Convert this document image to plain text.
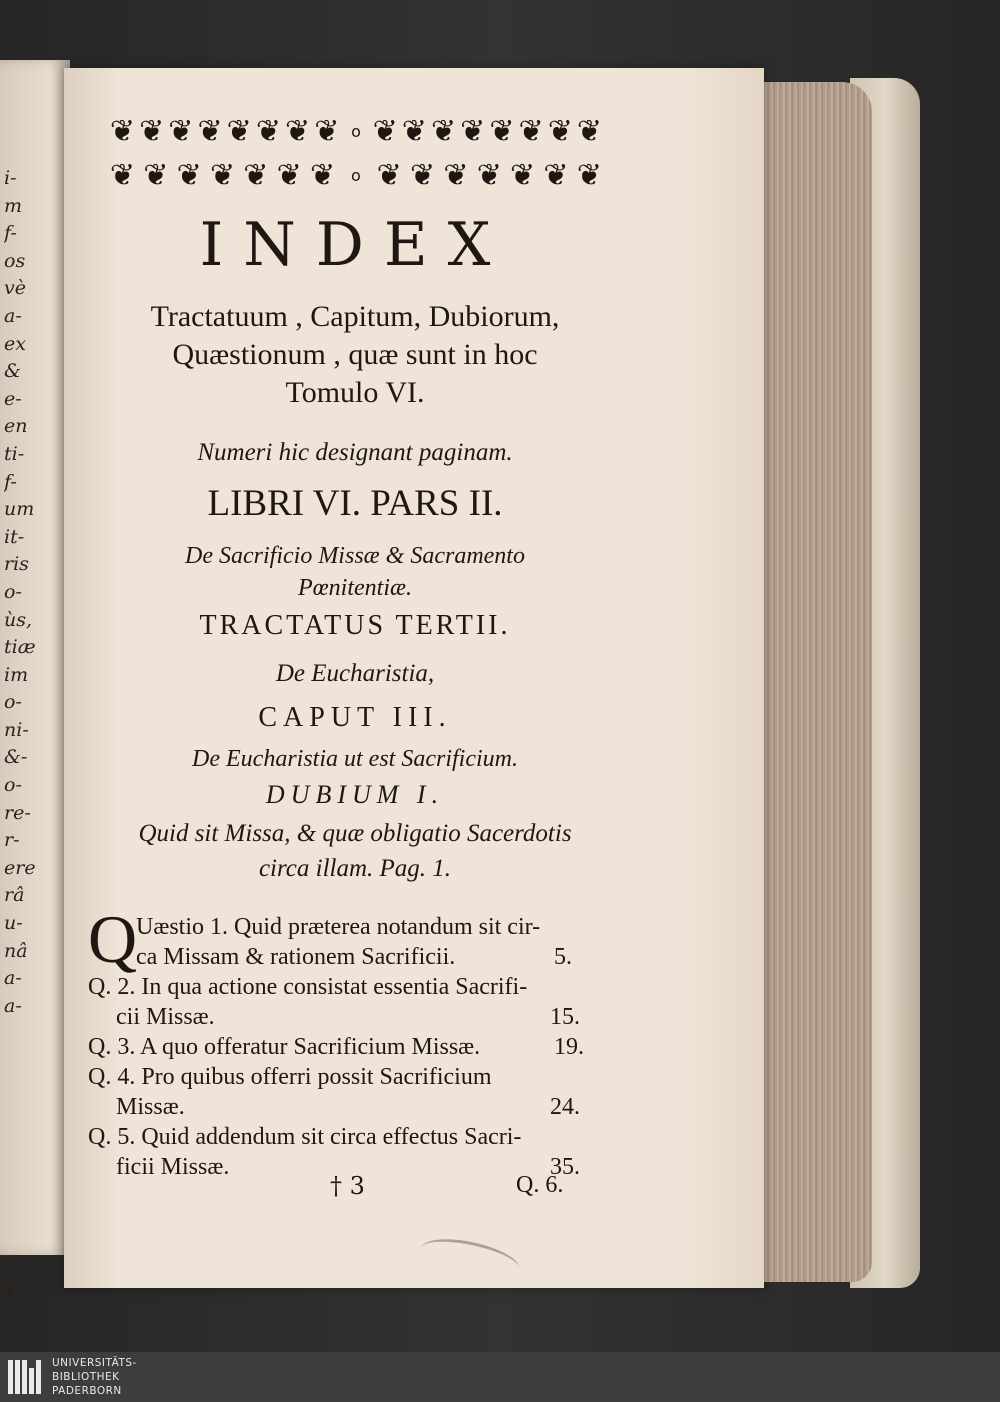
i-
m
f-
os
vè
a-
ex
&
e-
en
ti-
f-
um
it-
ris
o-
ùs,
tiæ
im
o-
ni-
&-
o-
re-
r-
ere
râ
u-
nâ
a-
a-
n.
X
❦ ❦ ❦ ❦ ❦ ❦ ❦ ❦ o ❦ ❦ ❦ ❦ ❦ ❦ ❦ ❦
❦ ❦ ❦ ❦ ❦ ❦ ❦ o ❦ ❦ ❦ ❦ ❦ ❦ ❦
INDEX
Tractatuum , Capitum, Dubiorum,
Quæstionum , quæ sunt in hoc
Tomulo VI.
Numeri hic designant paginam.
LIBRI VI. PARS II.
De Sacrificio Missæ & Sacramento
Pœnitentiæ.
TRACTATUS TERTII.
De Eucharistia,
CAPUT III.
De Eucharistia ut est Sacrificium.
DUBIUM I.
Quid sit Missa, & quæ obligatio Sacerdotis
circa illam. Pag. 1.
Q
Uæstio 1. Quid præterea notandum sit cir-
ca Missam & rationem Sacrificii.	5.
Q. 2. In qua actione consistat essentia Sacrifi-
cii Missæ.	15.
Q. 3. A quo offeratur Sacrificium Missæ.	19.
Q. 4. Pro quibus offerri possit Sacrificium
Missæ.	24.
Q. 5. Quid addendum sit circa effectus Sacri-
ficii Missæ.	35.
† 3	Q. 6.
UNIVERSITÄTS-
BIBLIOTHEK
PADERBORN
